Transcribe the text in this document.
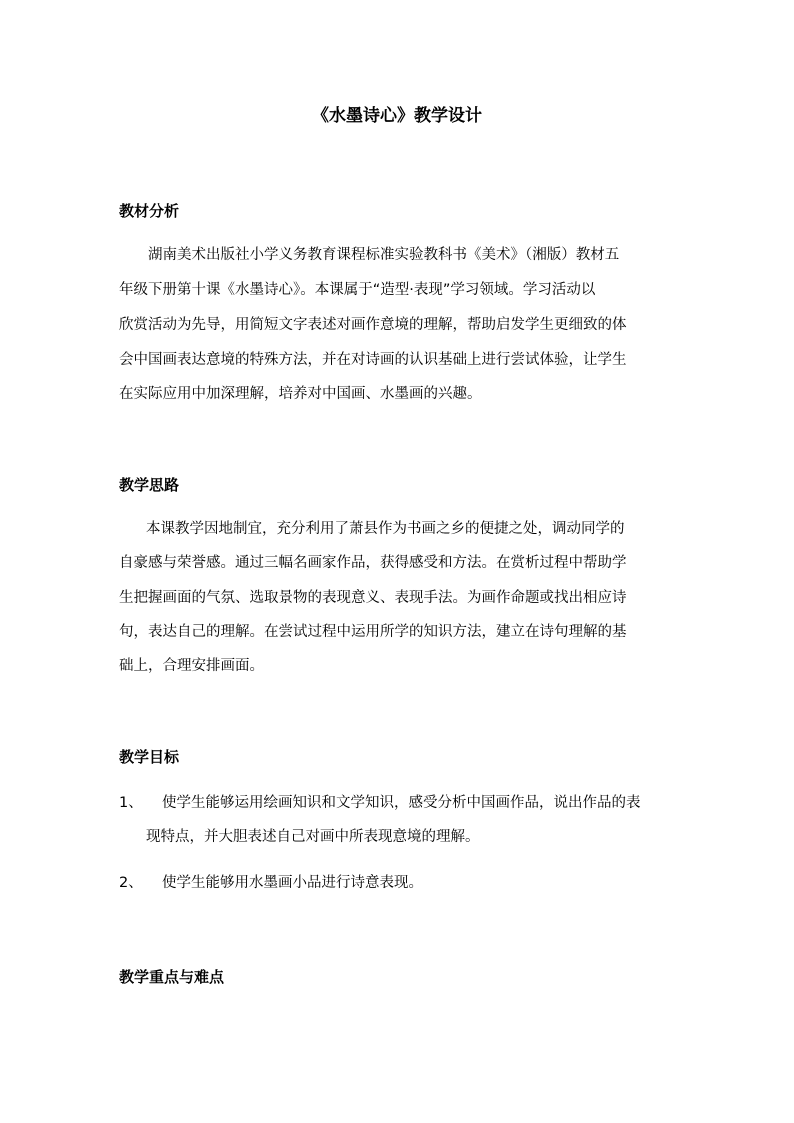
《水墨诗心》教学设计
教材分析
湖南美术出版社小学义务教育课程标准实验教科书《美术》（湘版）教材五
年级下册第十课《水墨诗心》。本课属于“造型·表现”学习领域。学习活动以
欣赏活动为先导，用简短文字表述对画作意境的理解，帮助启发学生更细致的体
会中国画表达意境的特殊方法，并在对诗画的认识基础上进行尝试体验，让学生
在实际应用中加深理解，培养对中国画、水墨画的兴趣。
教学思路
本课教学因地制宜，充分利用了萧县作为书画之乡的便捷之处，调动同学的
自豪感与荣誉感。通过三幅名画家作品，获得感受和方法。在赏析过程中帮助学
生把握画面的气氛、选取景物的表现意义、表现手法。为画作命题或找出相应诗
句，表达自己的理解。在尝试过程中运用所学的知识方法，建立在诗句理解的基
础上，合理安排画面。
教学目标
1、 使学生能够运用绘画知识和文学知识，感受分析中国画作品，说出作品的表
现特点，并大胆表述自己对画中所表现意境的理解。
2、 使学生能够用水墨画小品进行诗意表现。
教学重点与难点
